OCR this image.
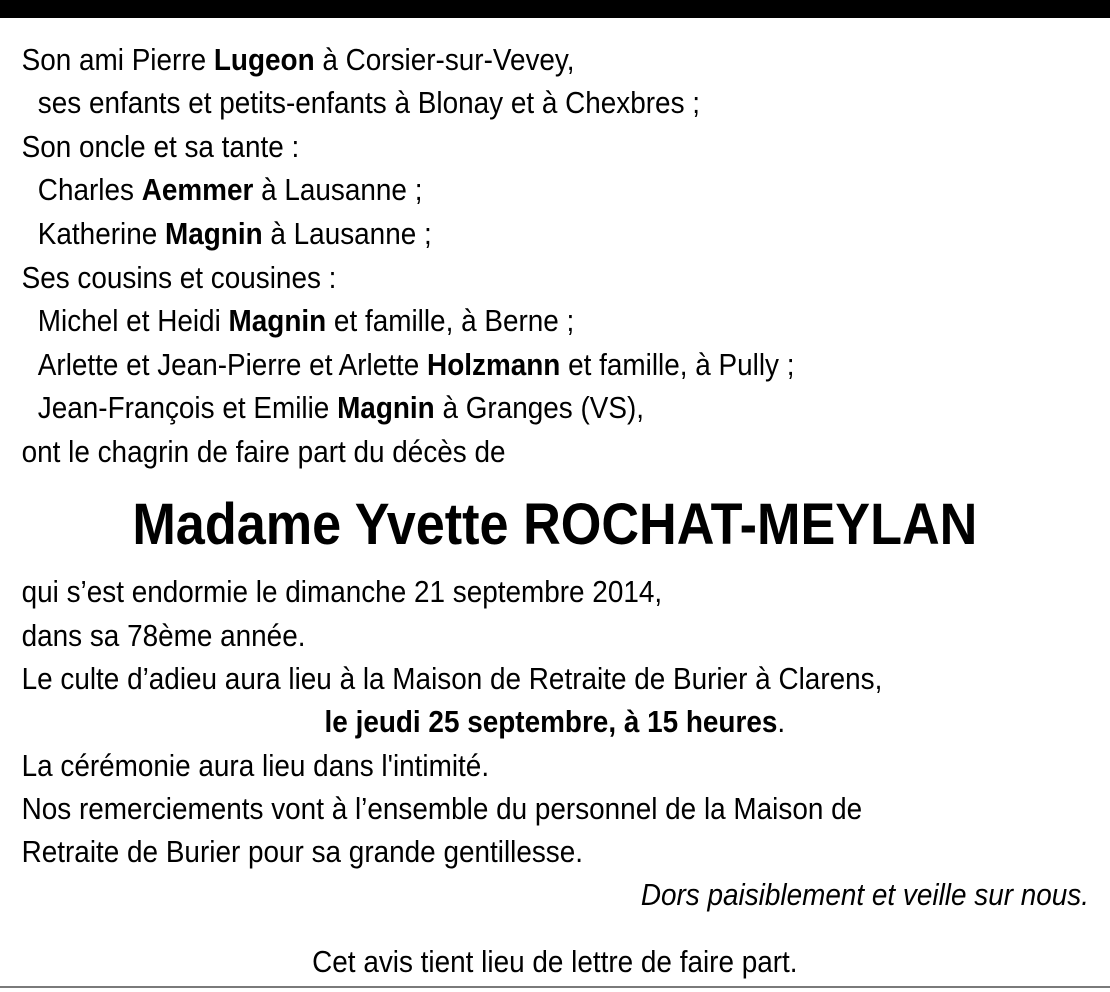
Son ami Pierre Lugeon à Corsier-sur-Vevey,
ses enfants et petits-enfants à Blonay et à Chexbres ;
Son oncle et sa tante :
Charles Aemmer à Lausanne ;
Katherine Magnin à Lausanne ;
Ses cousins et cousines :
Michel et Heidi Magnin et famille, à Berne ;
Arlette et Jean-Pierre et Arlette Holzmann et famille, à Pully ;
Jean-François et Emilie Magnin à Granges (VS),
ont le chagrin de faire part du décès de
Madame Yvette ROCHAT-MEYLAN
qui s’est endormie le dimanche 21 septembre 2014,
dans sa 78ème année.
Le culte d’adieu aura lieu à la Maison de Retraite de Burier à Clarens,
le jeudi 25 septembre, à 15 heures.
La cérémonie aura lieu dans l'intimité.
Nos remerciements vont à l’ensemble du personnel de la Maison de
Retraite de Burier pour sa grande gentillesse.
Dors paisiblement et veille sur nous.
Cet avis tient lieu de lettre de faire part.
